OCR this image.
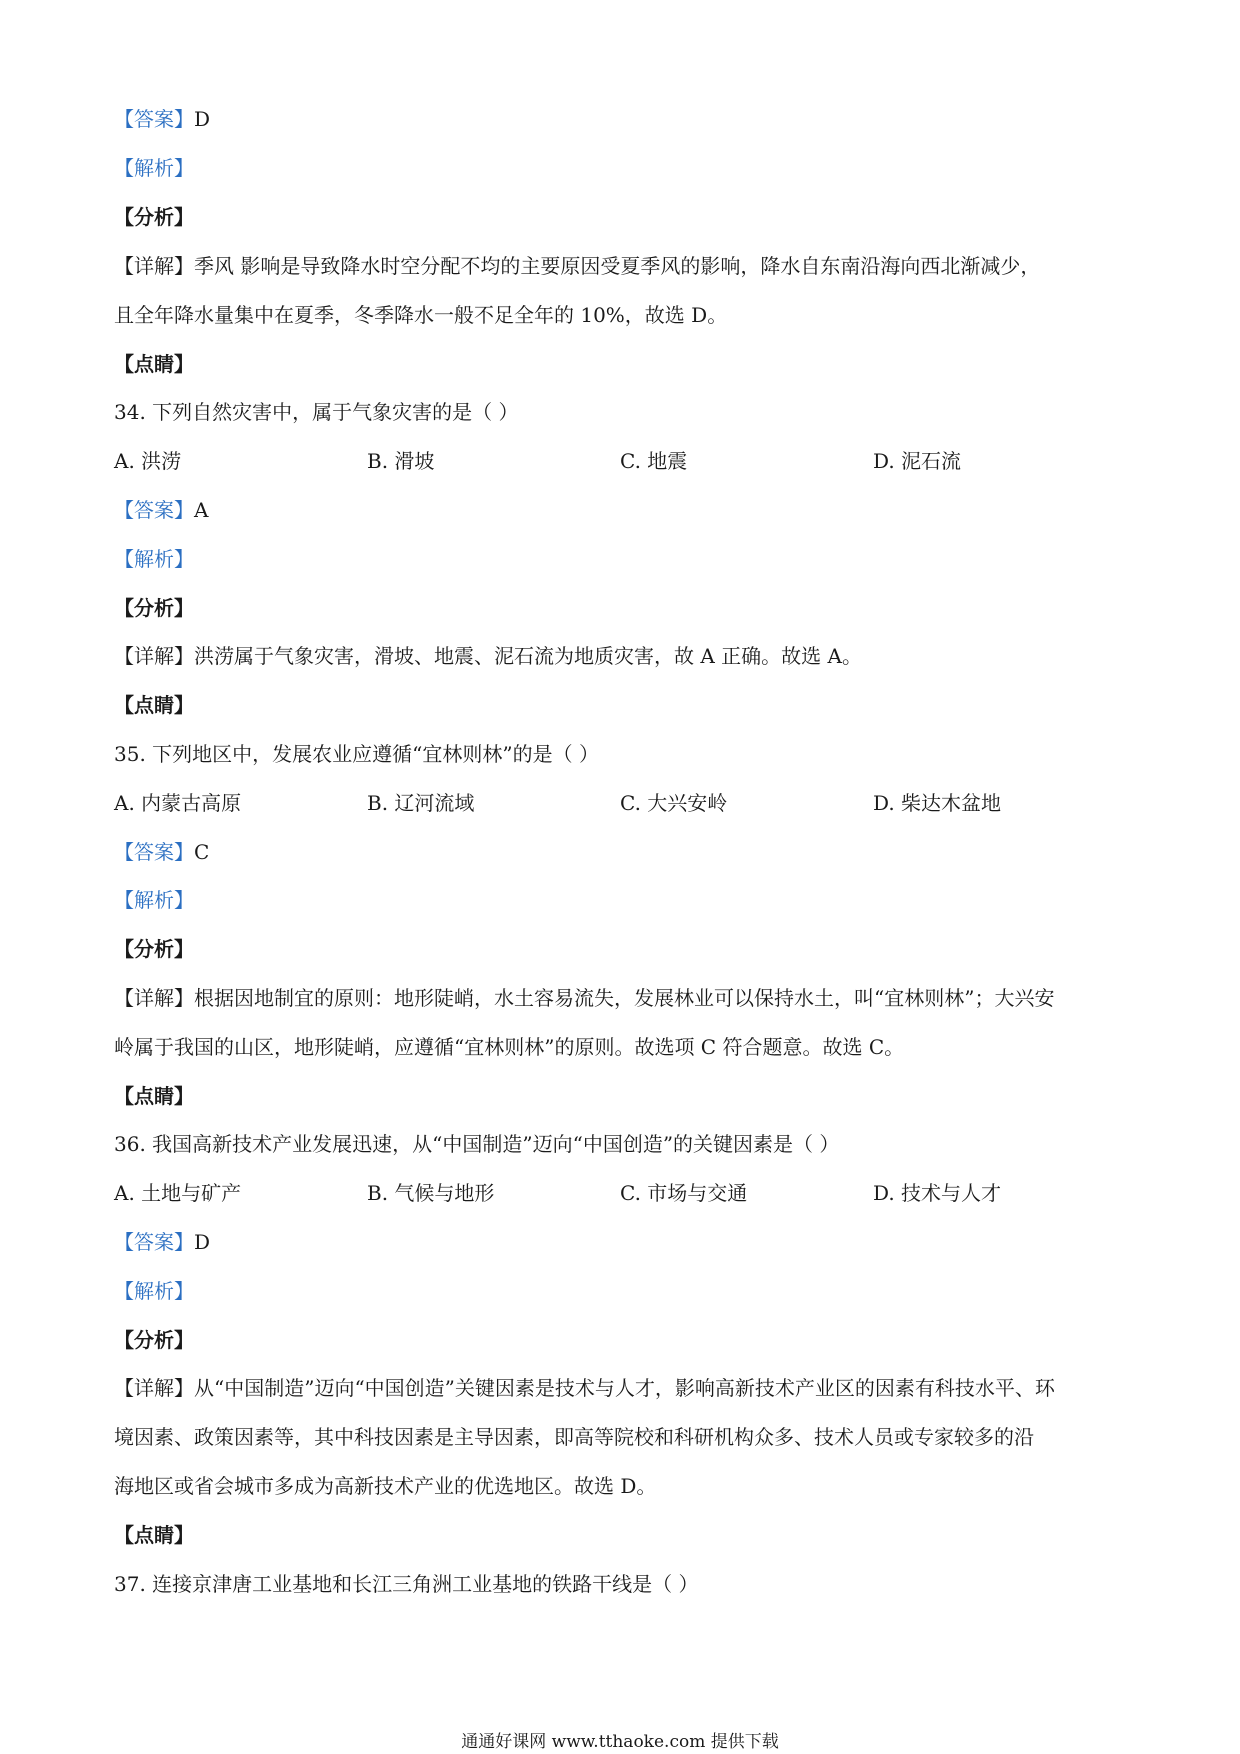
【答案】D
【解析】
【分析】
【详解】季风 影响是导致降水时空分配不均的主要原因受夏季风的影响，降水自东南沿海向西北渐减少，
且全年降水量集中在夏季，冬季降水一般不足全年的 10%，故选 D。
【点睛】
34. 下列自然灾害中，属于气象灾害的是（ ）
A. 洪涝	B. 滑坡	C. 地震	D. 泥石流
【答案】A
【解析】
【分析】
【详解】洪涝属于气象灾害，滑坡、地震、泥石流为地质灾害，故 A 正确。故选 A。
【点睛】
35. 下列地区中，发展农业应遵循“宜林则林”的是（ ）
A. 内蒙古高原	B. 辽河流域	C. 大兴安岭	D. 柴达木盆地
【答案】C
【解析】
【分析】
【详解】根据因地制宜的原则：地形陡峭，水土容易流失，发展林业可以保持水土，叫“宜林则林”；大兴安
岭属于我国的山区，地形陡峭，应遵循“宜林则林”的原则。故选项 C 符合题意。故选 C。
【点睛】
36. 我国高新技术产业发展迅速，从“中国制造”迈向“中国创造”的关键因素是（ ）
A. 土地与矿产	B. 气候与地形	C. 市场与交通	D. 技术与人才
【答案】D
【解析】
【分析】
【详解】从“中国制造”迈向“中国创造”关键因素是技术与人才，影响高新技术产业区的因素有科技水平、环
境因素、政策因素等，其中科技因素是主导因素，即高等院校和科研机构众多、技术人员或专家较多的沿
海地区或省会城市多成为高新技术产业的优选地区。故选 D。
【点睛】
37. 连接京津唐工业基地和长江三角洲工业基地的铁路干线是（ ）
通通好课网 www.tthaoke.com 提供下载
